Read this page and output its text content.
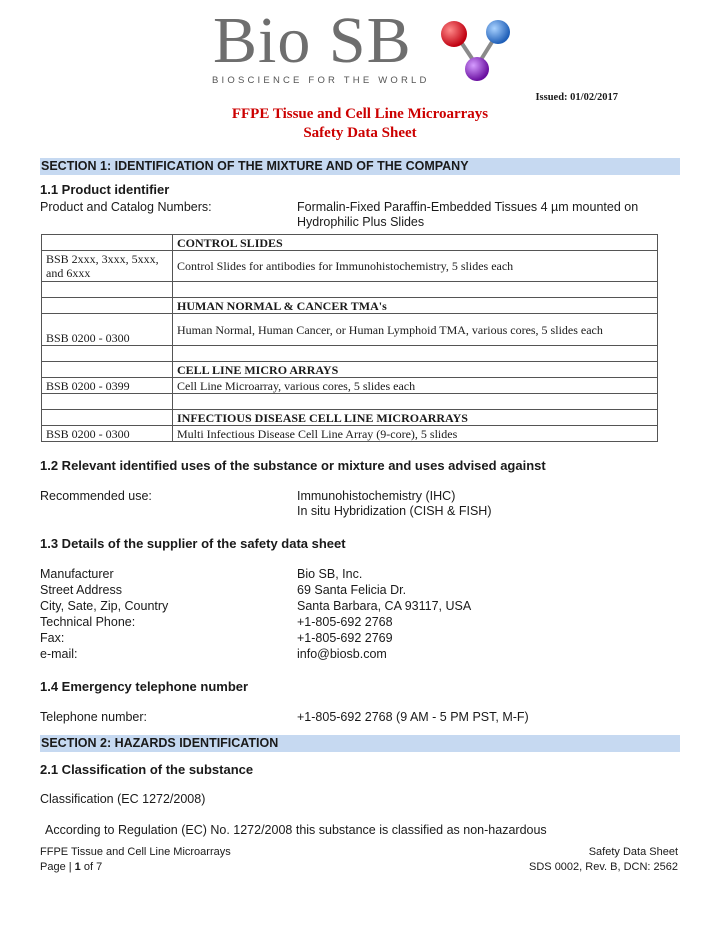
Bio SB
BIOSCIENCE FOR THE WORLD
Issued: 01/02/2017
FFPE Tissue and Cell Line Microarrays
Safety Data Sheet
SECTION 1: IDENTIFICATION OF THE MIXTURE AND OF THE COMPANY
1.1 Product identifier
Product and Catalog Numbers:	Formalin-Fixed Paraffin-Embedded Tissues 4 µm mounted on
Hydrophilic Plus Slides
	CONTROL SLIDES
BSB 2xxx, 3xxx, 5xxx, and 6xxx	Control Slides for antibodies for Immunohistochemistry, 5 slides each

	HUMAN NORMAL & CANCER TMA's
BSB 0200 - 0300	Human Normal, Human Cancer, or Human Lymphoid TMA, various cores, 5 slides each

	CELL LINE MICRO ARRAYS
BSB 0200 - 0399	Cell Line Microarray, various cores, 5 slides each

	INFECTIOUS DISEASE CELL LINE MICROARRAYS
BSB 0200 - 0300	Multi Infectious Disease Cell Line Array (9-core), 5 slides
1.2 Relevant identified uses of the substance or mixture and uses advised against
Recommended use:	Immunohistochemistry (IHC)
In situ Hybridization (CISH & FISH)
1.3 Details of the supplier of the safety data sheet
Manufacturer	Bio SB, Inc.
Street Address	69 Santa Felicia Dr.
City, Sate, Zip, Country	Santa Barbara, CA 93117, USA
Technical Phone:	+1-805-692 2768
Fax:	+1-805-692 2769
e-mail:	info@biosb.com
1.4 Emergency telephone number
Telephone number:	+1-805-692 2768 (9 AM - 5 PM PST, M-F)
SECTION 2: HAZARDS IDENTIFICATION
2.1 Classification of the substance
Classification (EC 1272/2008)
According to Regulation (EC) No. 1272/2008 this substance is classified as non-hazardous
FFPE Tissue and Cell Line Microarrays
Page | 1 of 7
Safety Data Sheet
SDS 0002, Rev. B, DCN: 2562
